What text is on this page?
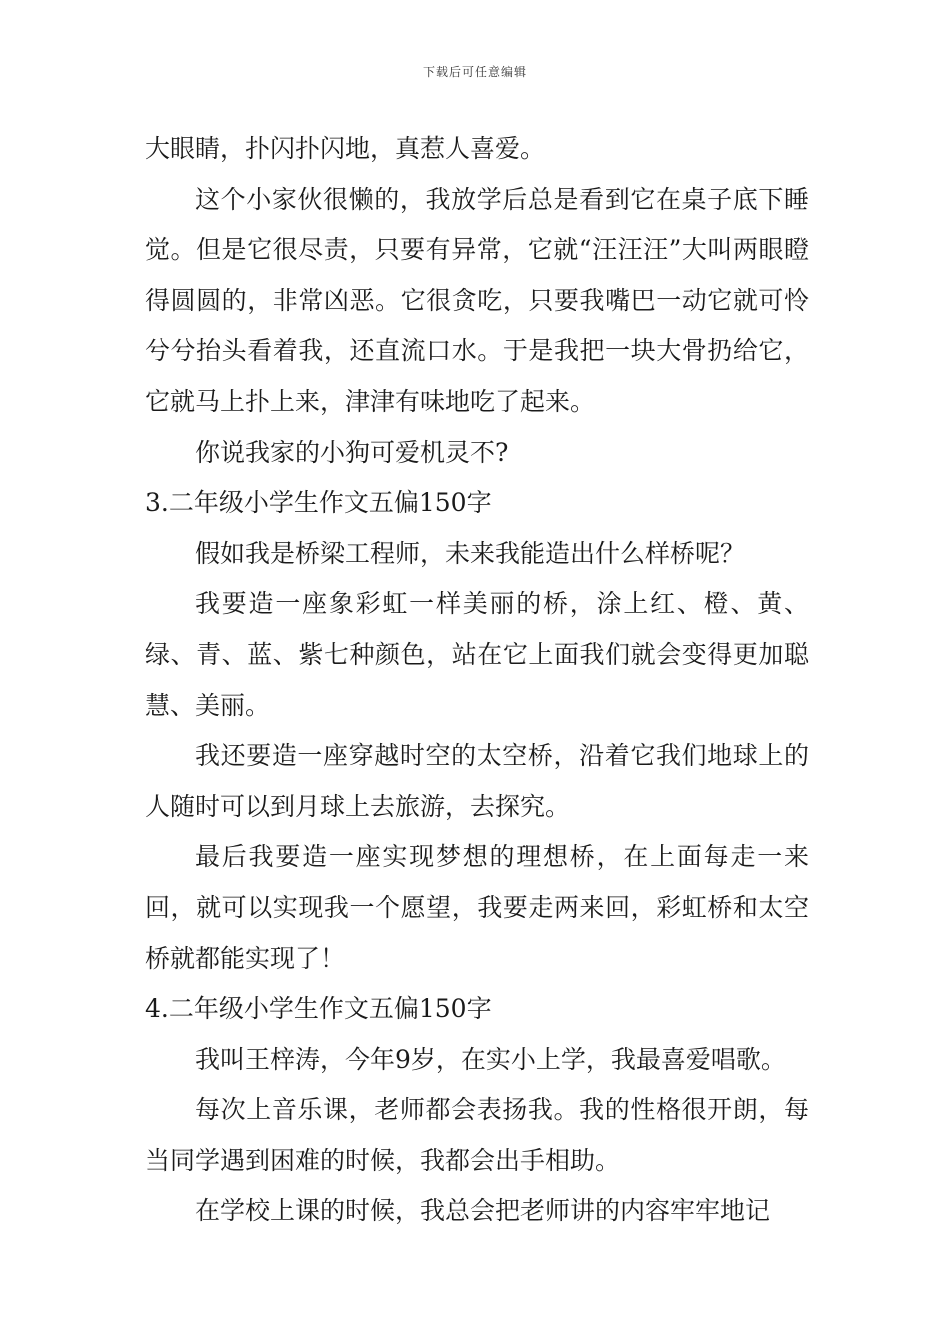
下载后可任意编辑

大眼睛，扑闪扑闪地，真惹人喜爱。

这个小家伙很懒的，我放学后总是看到它在桌子底下睡觉。但是它很尽责，只要有异常，它就“汪汪汪”大叫两眼瞪得圆圆的，非常凶恶。它很贪吃，只要我嘴巴一动它就可怜兮兮抬头看着我，还直流口水。于是我把一块大骨扔给它，它就马上扑上来，津津有味地吃了起来。

你说我家的小狗可爱机灵不?

3.二年级小学生作文五偏150字

假如我是桥梁工程师，未来我能造出什么样桥呢？

我要造一座象彩虹一样美丽的桥，涂上红、橙、黄、绿、青、蓝、紫七种颜色，站在它上面我们就会变得更加聪慧、美丽。

我还要造一座穿越时空的太空桥，沿着它我们地球上的人随时可以到月球上去旅游，去探究。

最后我要造一座实现梦想的理想桥，在上面每走一来回，就可以实现我一个愿望，我要走两来回，彩虹桥和太空桥就都能实现了！

4.二年级小学生作文五偏150字

我叫王梓涛，今年9岁，在实小上学，我最喜爱唱歌。

每次上音乐课，老师都会表扬我。我的性格很开朗，每当同学遇到困难的时候，我都会出手相助。

在学校上课的时候，我总会把老师讲的内容牢牢地记
